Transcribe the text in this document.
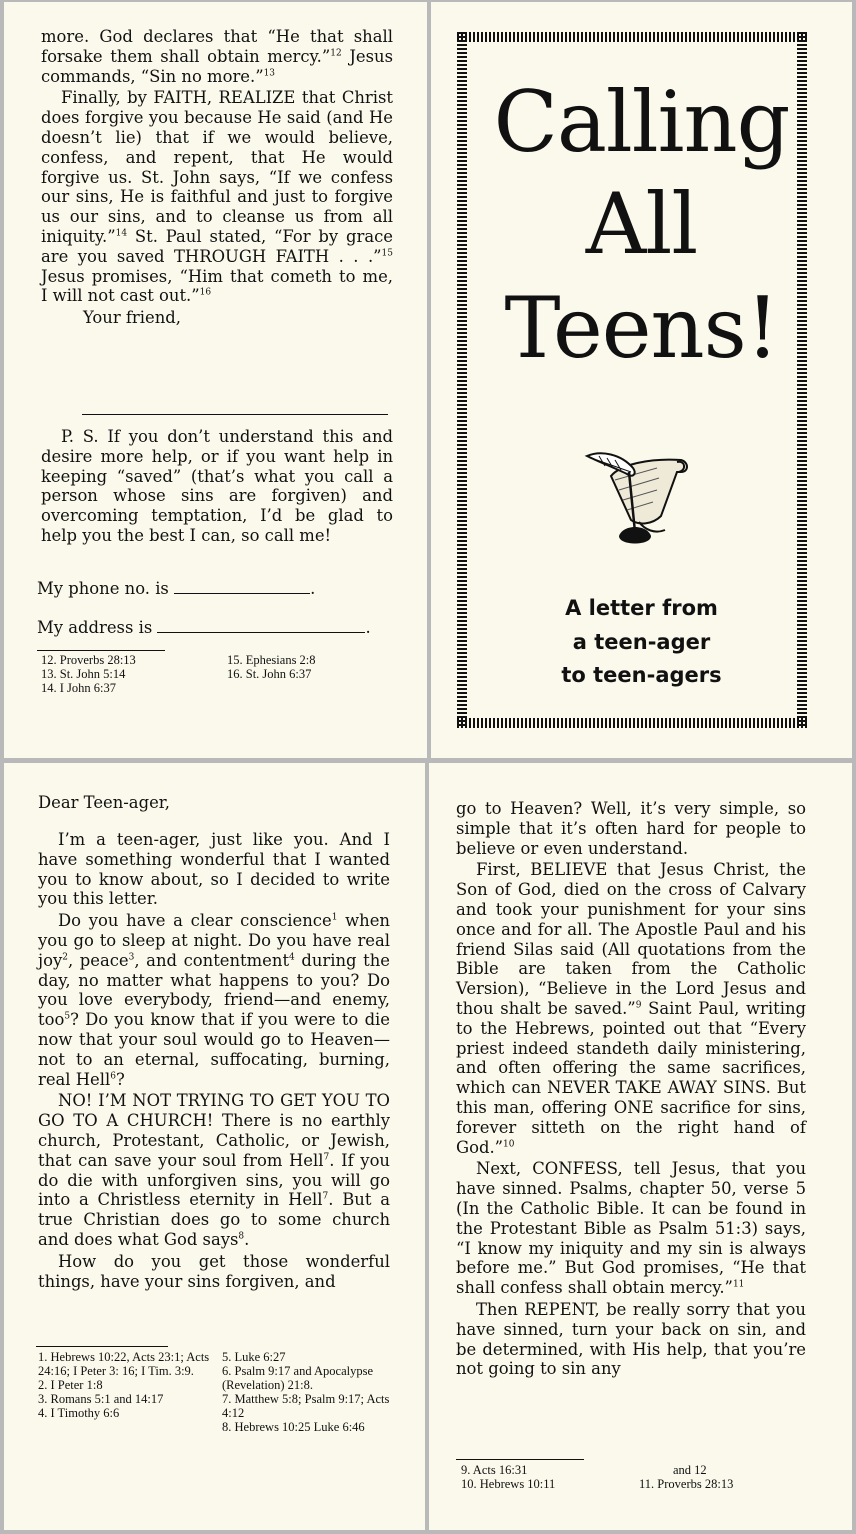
more. God declares that “He that shall forsake them shall obtain mercy.”$^{12}$ Jesus commands, “Sin no more.”$^{13}$

Finally, by FAITH, REALIZE that Christ does forgive you because He said (and He doesn’t lie) that if we would believe, confess, and repent, that He would forgive us. St. John says, “If we confess our sins, He is faithful and just to forgive us our sins, and to cleanse us from all iniquity.”$^{14}$ St. Paul stated, “For by grace are you saved THROUGH FAITH . . .”$^{15}$ Jesus promises, “Him that cometh to me, I will not cast out.”$^{16}$

Your friend,

P. S. If you don’t understand this and desire more help, or if you want help in keeping “saved” (that’s what you call a person whose sins are forgiven) and overcoming temptation, I’d be glad to help you the best I can, so call me!

My phone no. is	.
My address is	.
12. Proverbs 28:13	15. Ephesians 2:8
13. St. John 5:14	16. St. John 6:37
14. I John 6:37
Calling
All
Teens!
A letter from
a teen-ager
to teen-agers
Dear Teen-ager,

I’m a teen-ager, just like you. And I have something wonderful that I wanted you to know about, so I decided to write you this letter.

Do you have a clear conscience$^1$ when you go to sleep at night. Do you have real joy$^2$, peace$^3$, and contentment$^4$ during the day, no matter what happens to you? Do you love everybody, friend—and enemy, too$^5$? Do you know that if you were to die now that your soul would go to Heaven—not to an eternal, suffocating, burning, real Hell$^6$?

NO! I’M NOT TRYING TO GET YOU TO GO TO A CHURCH! There is no earthly church, Protestant, Catholic, or Jewish, that can save your soul from Hell$^7$. If you do die with unforgiven sins, you will go into a Christless eternity in Hell$^7$. But a true Christian does go to some church and does what God says$^8$.

How do you get those wonderful things, have your sins forgiven, and

1. Hebrews 10:22, Acts 23:1; Acts 24:16; I Peter 3: 16; I Tim. 3:9.
2. I Peter 1:8
3. Romans 5:1 and 14:17
4. I Timothy 6:6
5. Luke 6:27
6. Psalm 9:17 and Apocalypse (Revelation) 21:8.
7. Matthew 5:8; Psalm 9:17; Acts 4:12
8. Hebrews 10:25 Luke 6:46

go to Heaven? Well, it’s very simple, so simple that it’s often hard for people to believe or even understand.

First, BELIEVE that Jesus Christ, the Son of God, died on the cross of Calvary and took your punishment for your sins once and for all. The Apostle Paul and his friend Silas said (All quotations from the Bible are taken from the Catholic Version), “Believe in the Lord Jesus and thou shalt be saved.”$^9$ Saint Paul, writing to the Hebrews, pointed out that “Every priest indeed standeth daily ministering, and often offering the same sacrifices, which can NEVER TAKE AWAY SINS. But this man, offering ONE sacrifice for sins, forever sitteth on the right hand of God.”$^{10}$

Next, CONFESS, tell Jesus, that you have sinned. Psalms, chapter 50, verse 5 (In the Catholic Bible. It can be found in the Protestant Bible as Psalm 51:3) says, “I know my iniquity and my sin is always before me.” But God promises, “He that shall confess shall obtain mercy.”$^{11}$

Then REPENT, be really sorry that you have sinned, turn your back on sin, and be determined, with His help, that you’re not going to sin any

9. Acts 16:31	and 12
10. Hebrews 10:11	11. Proverbs 28:13
